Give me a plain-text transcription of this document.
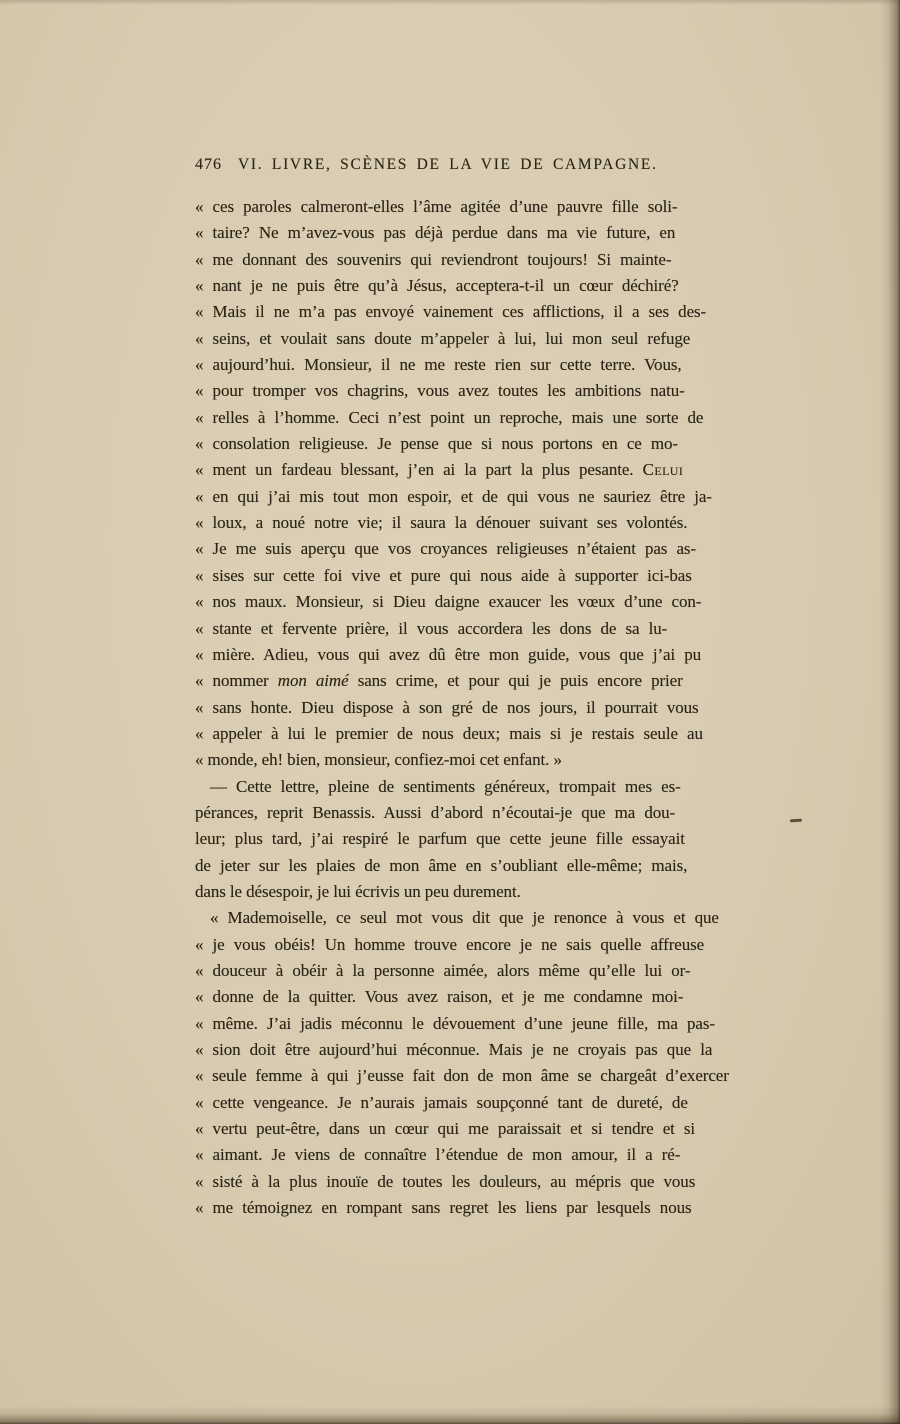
476 VI. LIVRE, SCÈNES DE LA VIE DE CAMPAGNE.
« ces paroles calmeront-elles l’âme agitée d’une pauvre fille soli-
« taire? Ne m’avez-vous pas déjà perdue dans ma vie future, en
« me donnant des souvenirs qui reviendront toujours! Si mainte-
« nant je ne puis être qu’à Jésus, acceptera-t-il un cœur déchiré?
« Mais il ne m’a pas envoyé vainement ces afflictions, il a ses des-
« seins, et voulait sans doute m’appeler à lui, lui mon seul refuge
« aujourd’hui. Monsieur, il ne me reste rien sur cette terre. Vous,
« pour tromper vos chagrins, vous avez toutes les ambitions natu-
« relles à l’homme. Ceci n’est point un reproche, mais une sorte de
« consolation religieuse. Je pense que si nous portons en ce mo-
« ment un fardeau blessant, j’en ai la part la plus pesante. Celui
« en qui j’ai mis tout mon espoir, et de qui vous ne sauriez être ja-
« loux, a noué notre vie; il saura la dénouer suivant ses volontés.
« Je me suis aperçu que vos croyances religieuses n’étaient pas as-
« sises sur cette foi vive et pure qui nous aide à supporter ici-bas
« nos maux. Monsieur, si Dieu daigne exaucer les vœux d’une con-
« stante et fervente prière, il vous accordera les dons de sa lu-
« mière. Adieu, vous qui avez dû être mon guide, vous que j’ai pu
« nommer mon aimé sans crime, et pour qui je puis encore prier
« sans honte. Dieu dispose à son gré de nos jours, il pourrait vous
« appeler à lui le premier de nous deux; mais si je restais seule au
« monde, eh! bien, monsieur, confiez-moi cet enfant. »
— Cette lettre, pleine de sentiments généreux, trompait mes es-
pérances, reprit Benassis. Aussi d’abord n’écoutai-je que ma dou-
leur; plus tard, j’ai respiré le parfum que cette jeune fille essayait
de jeter sur les plaies de mon âme en s’oubliant elle-même; mais,
dans le désespoir, je lui écrivis un peu durement.
« Mademoiselle, ce seul mot vous dit que je renonce à vous et que
« je vous obéis! Un homme trouve encore je ne sais quelle affreuse
« douceur à obéir à la personne aimée, alors même qu’elle lui or-
« donne de la quitter. Vous avez raison, et je me condamne moi-
« même. J’ai jadis méconnu le dévouement d’une jeune fille, ma pas-
« sion doit être aujourd’hui méconnue. Mais je ne croyais pas que la
« seule femme à qui j’eusse fait don de mon âme se chargeât d’exercer
« cette vengeance. Je n’aurais jamais soupçonné tant de dureté, de
« vertu peut-être, dans un cœur qui me paraissait et si tendre et si
« aimant. Je viens de connaître l’étendue de mon amour, il a ré-
« sisté à la plus inouïe de toutes les douleurs, au mépris que vous
« me témoignez en rompant sans regret les liens par lesquels nous
